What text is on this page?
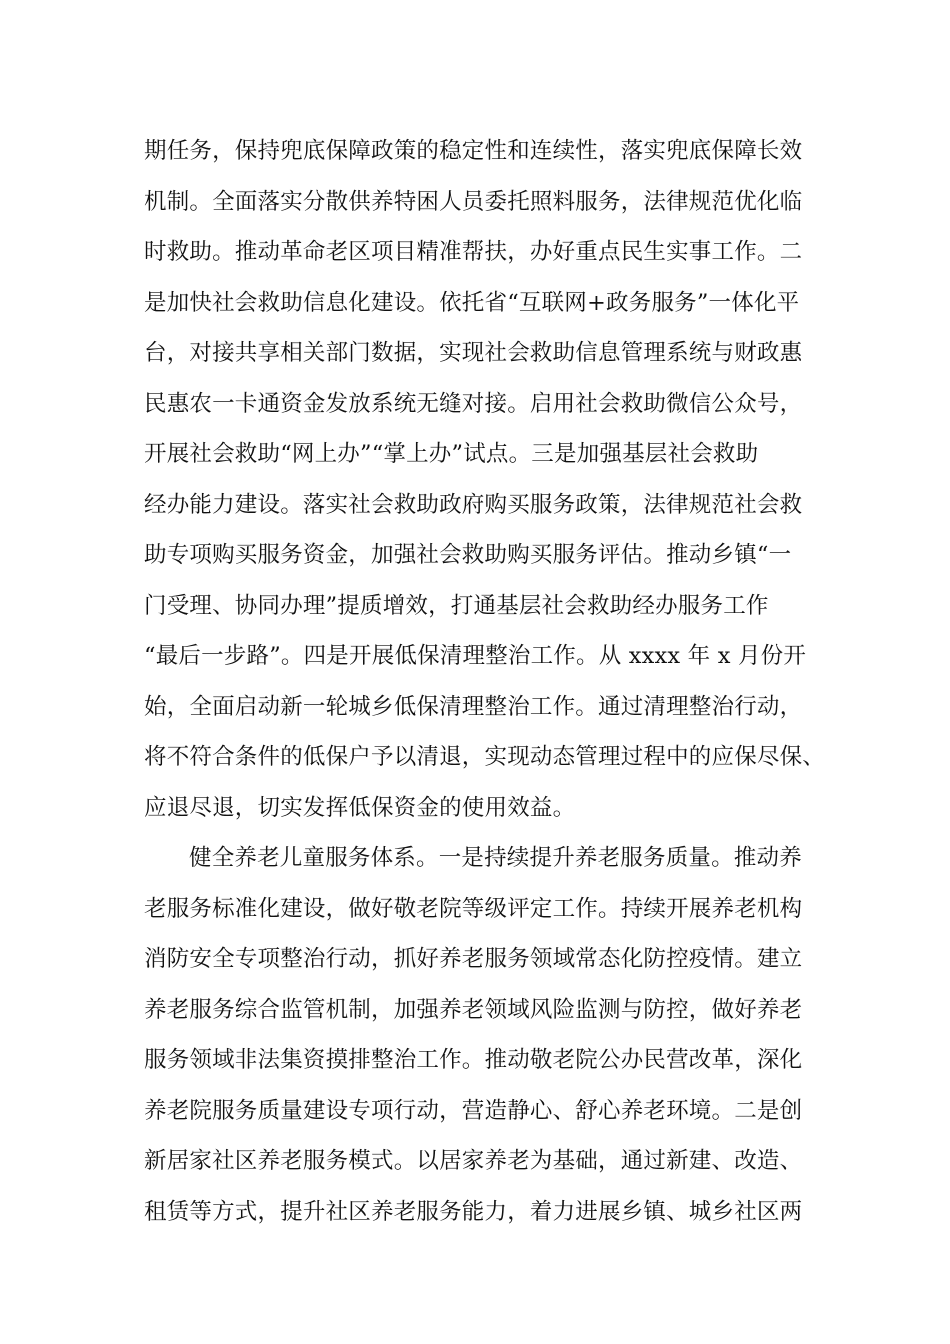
期任务，保持兜底保障政策的稳定性和连续性，落实兜底保障长效
机制。全面落实分散供养特困人员委托照料服务，法律规范优化临
时救助。推动革命老区项目精准帮扶，办好重点民生实事工作。二
是加快社会救助信息化建设。依托省“互联网+政务服务”一体化平
台，对接共享相关部门数据，实现社会救助信息管理系统与财政惠
民惠农一卡通资金发放系统无缝对接。启用社会救助微信公众号，
开展社会救助“网上办”“掌上办”试点。三是加强基层社会救助
经办能力建设。落实社会救助政府购买服务政策，法律规范社会救
助专项购买服务资金，加强社会救助购买服务评估。推动乡镇“一
门受理、协同办理”提质增效，打通基层社会救助经办服务工作
“最后一步路”。四是开展低保清理整治工作。从 xxxx 年 x 月份开
始，全面启动新一轮城乡低保清理整治工作。通过清理整治行动，
将不符合条件的低保户予以清退，实现动态管理过程中的应保尽保、
应退尽退，切实发挥低保资金的使用效益。
健全养老儿童服务体系。一是持续提升养老服务质量。推动养
老服务标准化建设，做好敬老院等级评定工作。持续开展养老机构
消防安全专项整治行动，抓好养老服务领域常态化防控疫情。建立
养老服务综合监管机制，加强养老领域风险监测与防控，做好养老
服务领域非法集资摸排整治工作。推动敬老院公办民营改革，深化
养老院服务质量建设专项行动，营造静心、舒心养老环境。二是创
新居家社区养老服务模式。以居家养老为基础，通过新建、改造、
租赁等方式，提升社区养老服务能力，着力进展乡镇、城乡社区两
